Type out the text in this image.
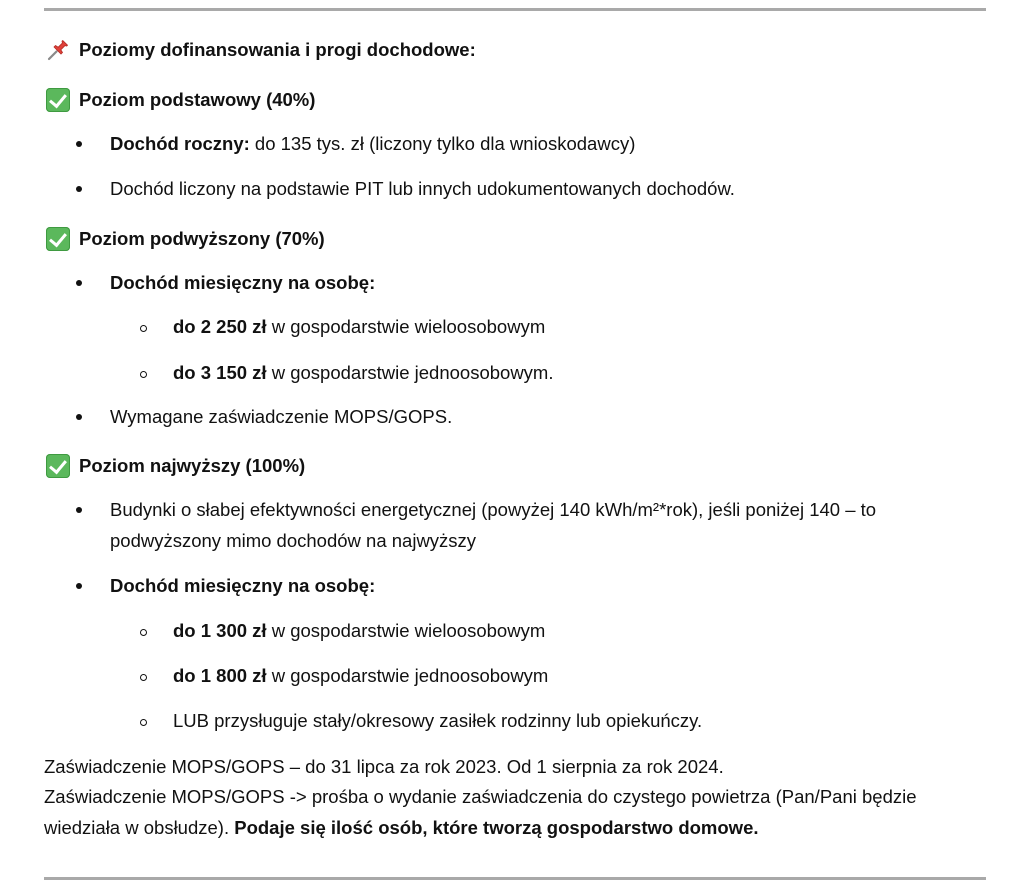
Poziomy dofinansowania i progi dochodowe:
Poziom podstawowy (40%)
Dochód roczny: do 135 tys. zł (liczony tylko dla wnioskodawcy)
Dochód liczony na podstawie PIT lub innych udokumentowanych dochodów.
Poziom podwyższony (70%)
Dochód miesięczny na osobę:
do 2 250 zł w gospodarstwie wieloosobowym
do 3 150 zł w gospodarstwie jednoosobowym.
Wymagane zaświadczenie MOPS/GOPS.
Poziom najwyższy (100%)
Budynki o słabej efektywności energetycznej (powyżej 140 kWh/m²*rok), jeśli poniżej 140 – to
podwyższony mimo dochodów na najwyższy
Dochód miesięczny na osobę:
do 1 300 zł w gospodarstwie wieloosobowym
do 1 800 zł w gospodarstwie jednoosobowym
LUB przysługuje stały/okresowy zasiłek rodzinny lub opiekuńczy.
Zaświadczenie MOPS/GOPS – do 31 lipca za rok 2023. Od 1 sierpnia za rok 2024.
Zaświadczenie MOPS/GOPS -> prośba o wydanie zaświadczenia do czystego powietrza (Pan/Pani będzie
wiedziała w obsłudze). Podaje się ilość osób, które tworzą gospodarstwo domowe.
